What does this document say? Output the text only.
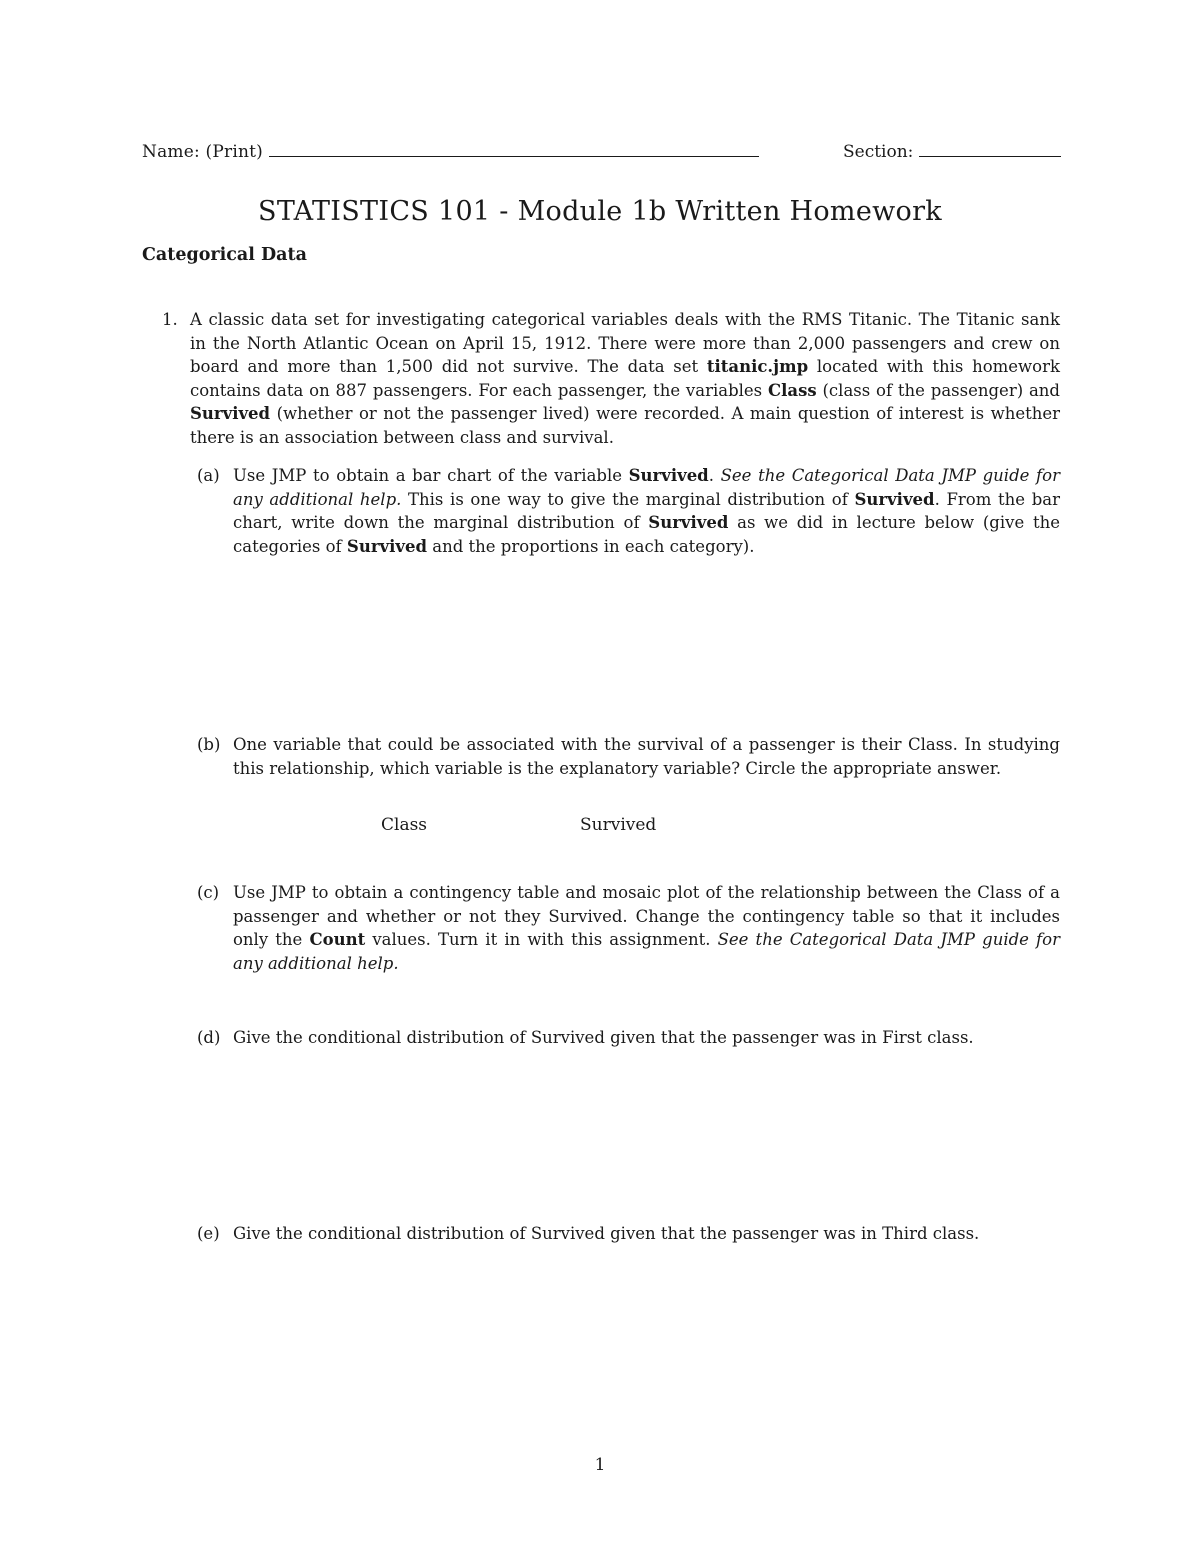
Name: (Print)	Section:
STATISTICS 101 - Module 1b Written Homework
Categorical Data
1. A classic data set for investigating categorical variables deals with the RMS Titanic. The Titanic sank in the North Atlantic Ocean on April 15, 1912. There were more than 2,000 passengers and crew on board and more than 1,500 did not survive. The data set titanic.jmp located with this homework contains data on 887 passengers. For each passenger, the variables Class (class of the passenger) and Survived (whether or not the passenger lived) were recorded. A main question of interest is whether there is an association between class and survival.
(a) Use JMP to obtain a bar chart of the variable Survived. See the Categorical Data JMP guide for any additional help. This is one way to give the marginal distribution of Survived. From the bar chart, write down the marginal distribution of Survived as we did in lecture below (give the categories of Survived and the proportions in each category).
(b) One variable that could be associated with the survival of a passenger is their Class. In studying this relationship, which variable is the explanatory variable? Circle the appropriate answer.
Class	Survived
(c) Use JMP to obtain a contingency table and mosaic plot of the relationship between the Class of a passenger and whether or not they Survived. Change the contingency table so that it includes only the Count values. Turn it in with this assignment. See the Categorical Data JMP guide for any additional help.
(d) Give the conditional distribution of Survived given that the passenger was in First class.
(e) Give the conditional distribution of Survived given that the passenger was in Third class.
1
